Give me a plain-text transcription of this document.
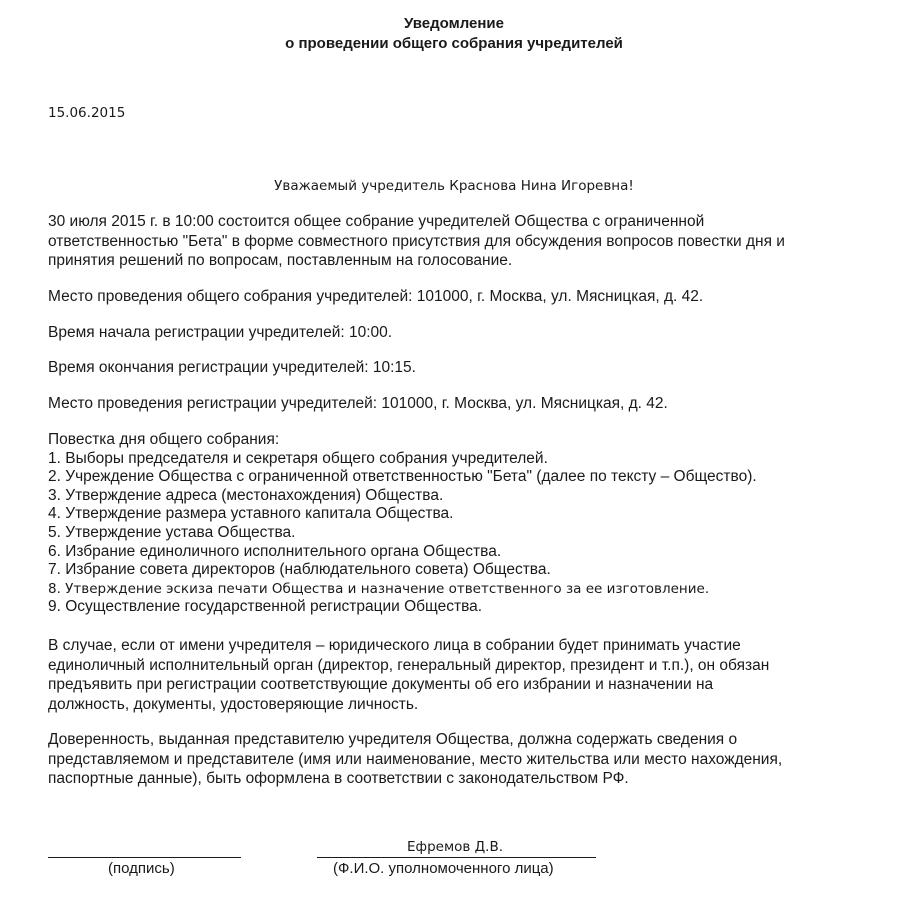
Уведомление
о проведении общего собрания учредителей
15.06.2015
Уважаемый учредитель Краснова Нина Игоревна!
30 июля 2015 г. в 10:00 состоится общее собрание учредителей Общества с ограниченной
ответственностью "Бета" в форме совместного присутствия для обсуждения вопросов повестки дня и
принятия решений по вопросам, поставленным на голосование.
Место проведения общего собрания учредителей: 101000, г. Москва, ул. Мясницкая, д. 42.
Время начала регистрации учредителей: 10:00.
Время окончания регистрации учредителей: 10:15.
Место проведения регистрации учредителей: 101000, г. Москва, ул. Мясницкая, д. 42.
Повестка дня общего собрания:
1. Выборы председателя и секретаря общего собрания учредителей.
2. Учреждение Общества с ограниченной ответственностью "Бета" (далее по тексту – Общество).
3. Утверждение адреса (местонахождения) Общества.
4. Утверждение размера уставного капитала Общества.
5. Утверждение устава Общества.
6. Избрание единоличного исполнительного органа Общества.
7. Избрание совета директоров (наблюдательного совета) Общества.
8. Утверждение эскиза печати Общества и назначение ответственного за ее изготовление.
9. Осуществление государственной регистрации Общества.
В случае, если от имени учредителя – юридического лица в собрании будет принимать участие
единоличный исполнительный орган (директор, генеральный директор, президент и т.п.), он обязан
предъявить при регистрации соответствующие документы об его избрании и назначении на
должность, документы, удостоверяющие личность.
Доверенность, выданная представителю учредителя Общества, должна содержать сведения о
представляемом и представителе (имя или наименование, место жительства или место нахождения,
паспортные данные), быть оформлена в соответствии с законодательством РФ.
Ефремов Д.В.
(подпись)	(Ф.И.О. уполномоченного лица)
